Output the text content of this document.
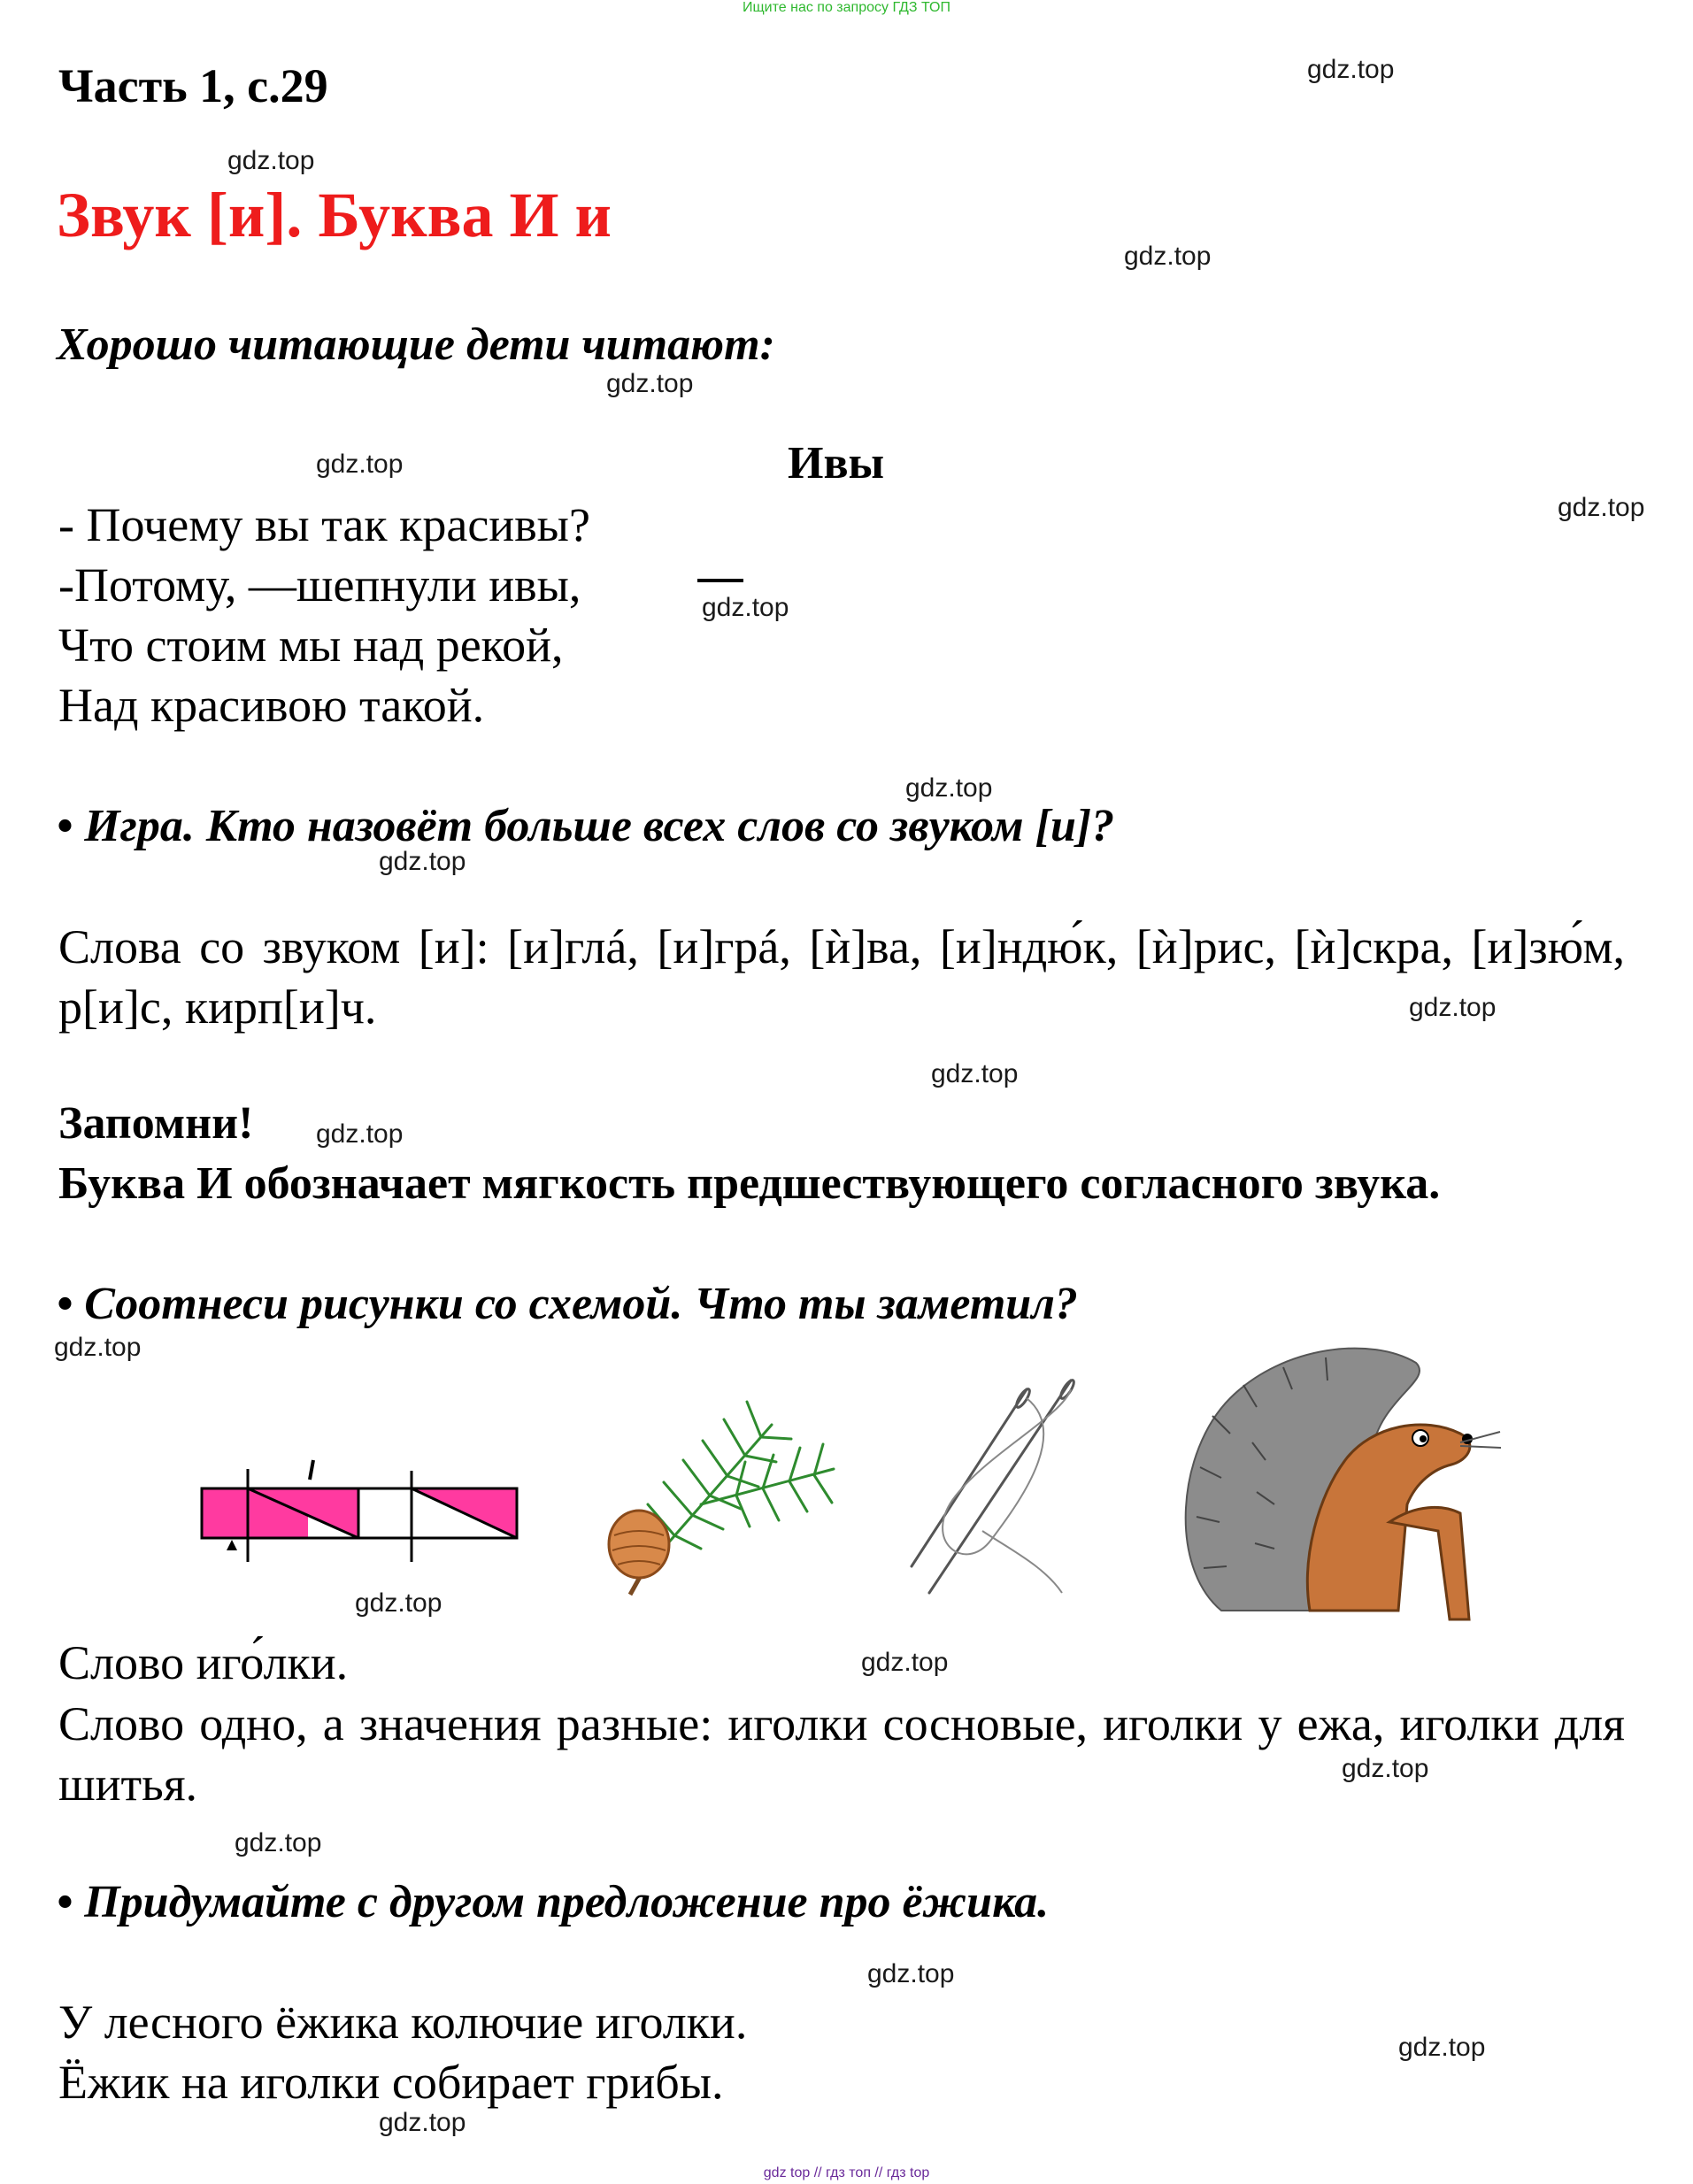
Ищите нас по запросу ГДЗ ТОП
gdz top // гдз топ // гдз top
Часть 1, с.29
Звук [и]. Буква И и
Хорошо читающие дети читают:
Ивы
- Почему вы так красивы?
-Потому, —шепнули ивы,
Что стоим мы над рекой,
Над красивою такой.
• Игра. Кто назовёт больше всех слов со звуком [и]?
Слова со звуком [и]: [и]глá, [и]грá, [ѝ]ва, [и]ндю́к, [ѝ]рис, [ѝ]скра, [и]зю́м, р[и]с, кирп[и]ч.
Запомни!
Буква И обозначает мягкость предшествующего согласного звука.
• Соотнеси рисунки со схемой. Что ты заметил?
Слово иго́лки.
Слово одно, а значения разные: иголки сосновые, иголки у ежа, иголки для шитья.
• Придумайте с другом предложение про ёжика.
У лесного ёжика колючие иголки.
Ёжик на иголки собирает грибы.
gdz.top
gdz.top
gdz.top
gdz.top
gdz.top
gdz.top
gdz.top
gdz.top
gdz.top
gdz.top
gdz.top
gdz.top
gdz.top
gdz.top
gdz.top
gdz.top
gdz.top
gdz.top
gdz.top
gdz.top
